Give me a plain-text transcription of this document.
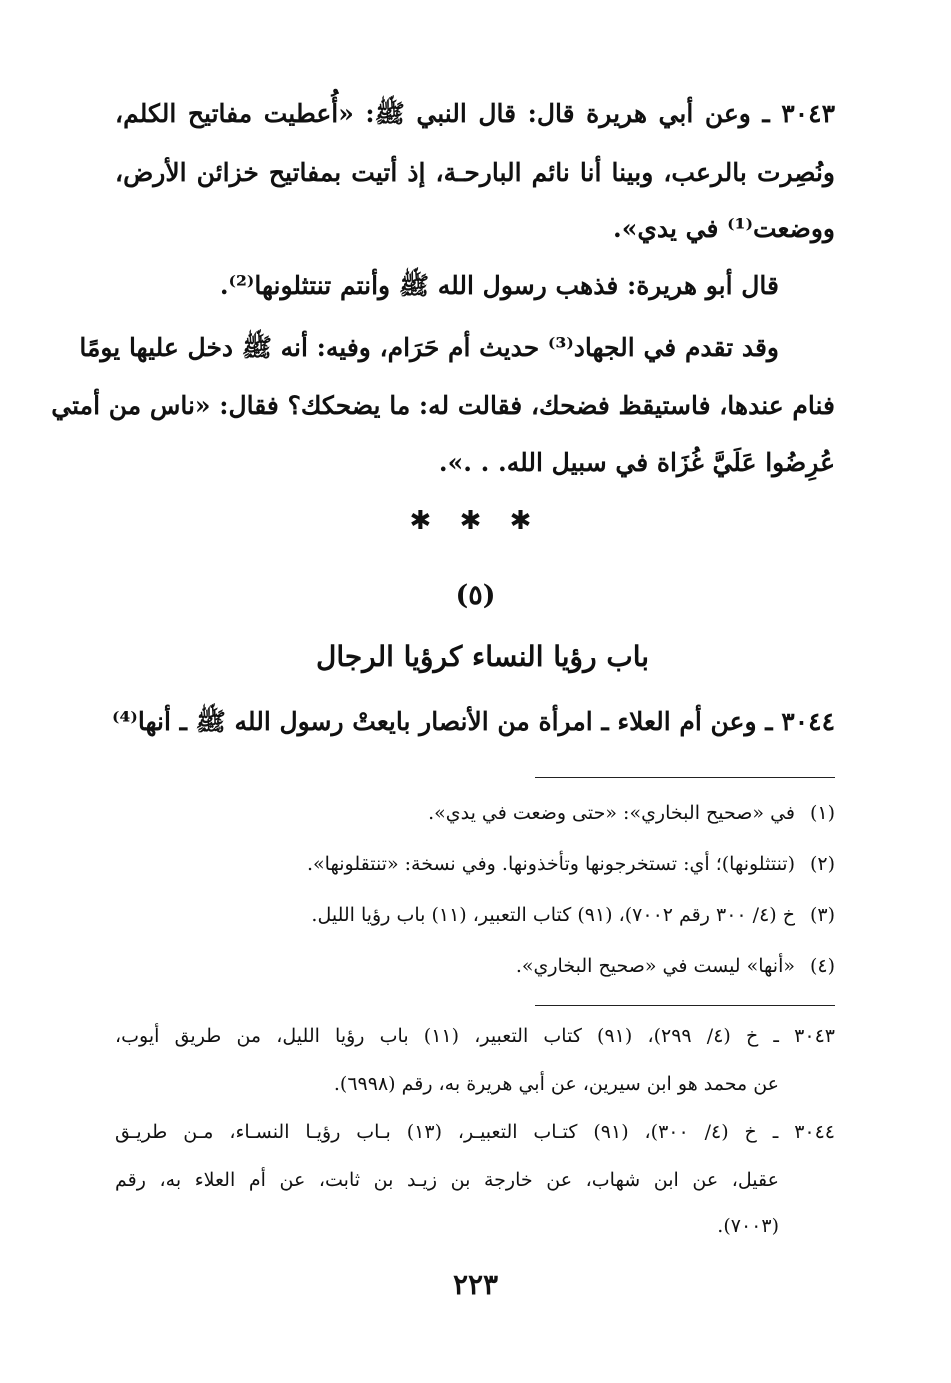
٣٠٤٣ ـ وعن أبي هريرة قال: قال النبي ﷺ: «أُعطيت مفاتيح الكلم،
ونُصِرت بالرعب، وبينا أنا نائم البارحـة، إذ أتيت بمفاتيح خزائن الأرض،
ووضعت⁽¹⁾ في يدي».
قال أبو هريرة: فذهب رسول الله ﷺ وأنتم تنتثلونها⁽²⁾.
وقد تقدم في الجهاد⁽³⁾ حديث أم حَرَام، وفيه: أنه ﷺ دخل عليها يومًا
فنام عندها، فاستيقظ فضحك، فقالت له: ما يضحكك؟ فقال: «ناس من أمتي
عُرِضُوا عَلَيَّ غُزَاة في سبيل الله. . .».
✱ ✱ ✱
(٥)
باب رؤيا النساء كرؤيا الرجال
٣٠٤٤ ـ وعن أم العلاء ـ امرأة من الأنصار بايعتْ رسول الله ﷺ ـ أنها⁽⁴⁾
(١)في «صحيح البخاري»: «حتى وضعت في يدي».
(٢)(تنتثلونها)؛ أي: تستخرجونها وتأخذونها. وفي نسخة: «تنتقلونها».
(٣)خ (٤/ ٣٠٠ رقم ٧٠٠٢)، (٩١) كتاب التعبير، (١١) باب رؤيا الليل.
(٤)«أنها» ليست في «صحيح البخاري».
٣٠٤٣ ـ خ (٤/ ٢٩٩)، (٩١) كتاب التعبير، (١١) باب رؤيا الليل، من طريق أيوب،
عن محمد هو ابن سيرين، عن أبي هريرة به، رقم (٦٩٩٨).
٣٠٤٤ ـ خ (٤/ ٣٠٠)، (٩١) كتـاب التعبيـر، (١٣) بـاب رؤيـا النسـاء، مـن طريـق
عقيل، عن ابن شهاب، عن خارجة بن زيـد بن ثابت، عن أم العلاء به، رقم
(٧٠٠٣).
٢٢٣
